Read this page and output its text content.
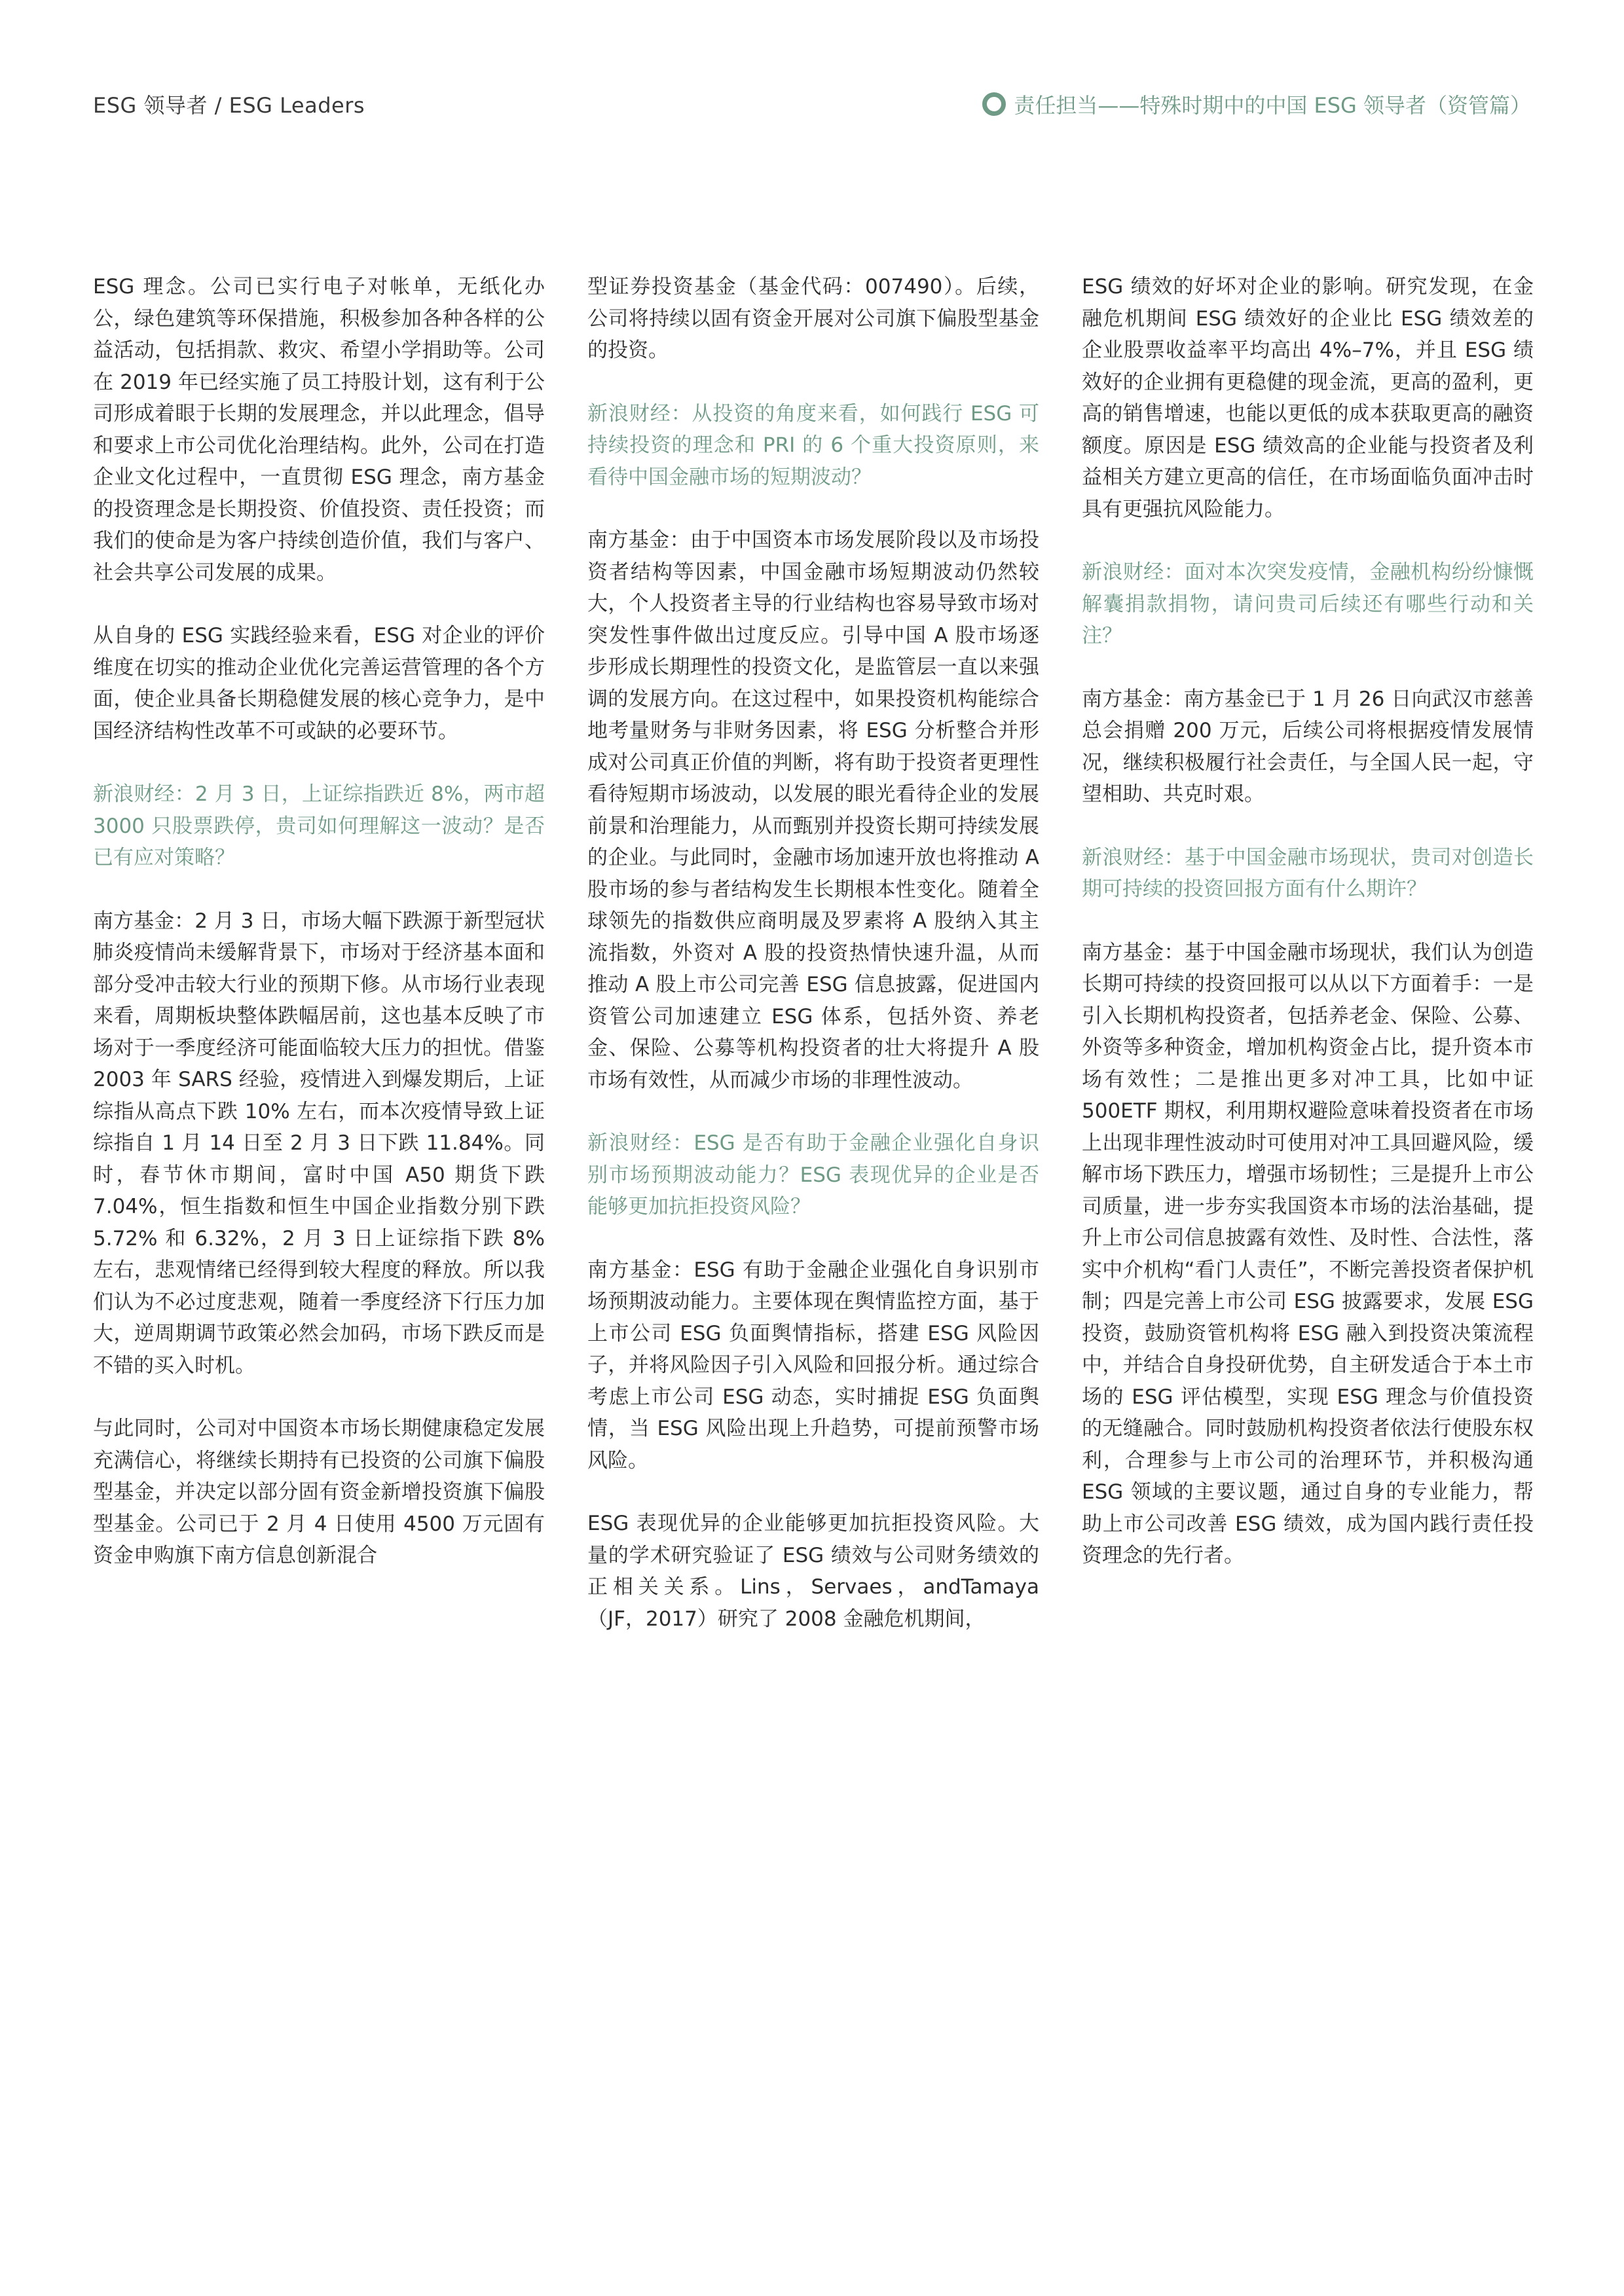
ESG 领导者 / ESG Leaders	责任担当——特殊时期中的中国 ESG 领导者（资管篇）

ESG 理念。公司已实行电子对帐单，无纸化办公，绿色建筑等环保措施，积极参加各种各样的公益活动，包括捐款、救灾、希望小学捐助等。公司在 2019 年已经实施了员工持股计划，这有利于公司形成着眼于长期的发展理念，并以此理念，倡导和要求上市公司优化治理结构。此外，公司在打造企业文化过程中，一直贯彻 ESG 理念，南方基金的投资理念是长期投资、价值投资、责任投资；而我们的使命是为客户持续创造价值，我们与客户、社会共享公司发展的成果。

从自身的 ESG 实践经验来看，ESG 对企业的评价维度在切实的推动企业优化完善运营管理的各个方面，使企业具备长期稳健发展的核心竞争力，是中国经济结构性改革不可或缺的必要环节。

新浪财经：2 月 3 日，上证综指跌近 8%，两市超 3000 只股票跌停，贵司如何理解这一波动？是否已有应对策略？

南方基金：2 月 3 日，市场大幅下跌源于新型冠状肺炎疫情尚未缓解背景下，市场对于经济基本面和部分受冲击较大行业的预期下修。从市场行业表现来看，周期板块整体跌幅居前，这也基本反映了市场对于一季度经济可能面临较大压力的担忧。借鉴 2003 年 SARS 经验，疫情进入到爆发期后，上证综指从高点下跌 10% 左右，而本次疫情导致上证综指自 1 月 14 日至 2 月 3 日下跌 11.84%。同时，春节休市期间，富时中国 A50 期货下跌 7.04%，恒生指数和恒生中国企业指数分别下跌 5.72% 和 6.32%，2 月 3 日上证综指下跌 8% 左右，悲观情绪已经得到较大程度的释放。所以我们认为不必过度悲观，随着一季度经济下行压力加大，逆周期调节政策必然会加码，市场下跌反而是不错的买入时机。

与此同时，公司对中国资本市场长期健康稳定发展充满信心，将继续长期持有已投资的公司旗下偏股型基金，并决定以部分固有资金新增投资旗下偏股型基金。公司已于 2 月 4 日使用 4500 万元固有资金申购旗下南方信息创新混合

型证券投资基金（基金代码：007490）。后续，公司将持续以固有资金开展对公司旗下偏股型基金的投资。

新浪财经：从投资的角度来看，如何践行 ESG 可持续投资的理念和 PRI 的 6 个重大投资原则，来看待中国金融市场的短期波动？

南方基金：由于中国资本市场发展阶段以及市场投资者结构等因素，中国金融市场短期波动仍然较大，个人投资者主导的行业结构也容易导致市场对突发性事件做出过度反应。引导中国 A 股市场逐步形成长期理性的投资文化，是监管层一直以来强调的发展方向。在这过程中，如果投资机构能综合地考量财务与非财务因素，将 ESG 分析整合并形成对公司真正价值的判断，将有助于投资者更理性看待短期市场波动，以发展的眼光看待企业的发展前景和治理能力，从而甄别并投资长期可持续发展的企业。与此同时，金融市场加速开放也将推动 A 股市场的参与者结构发生长期根本性变化。随着全球领先的指数供应商明晟及罗素将 A 股纳入其主流指数，外资对 A 股的投资热情快速升温，从而推动 A 股上市公司完善 ESG 信息披露，促进国内资管公司加速建立 ESG 体系，包括外资、养老金、保险、公募等机构投资者的壮大将提升 A 股市场有效性，从而减少市场的非理性波动。

新浪财经：ESG 是否有助于金融企业强化自身识别市场预期波动能力？ESG 表现优异的企业是否能够更加抗拒投资风险？

南方基金：ESG 有助于金融企业强化自身识别市场预期波动能力。主要体现在舆情监控方面，基于上市公司 ESG 负面舆情指标，搭建 ESG 风险因子，并将风险因子引入风险和回报分析。通过综合考虑上市公司 ESG 动态，实时捕捉 ESG 负面舆情，当 ESG 风险出现上升趋势，可提前预警市场风险。

ESG 表现优异的企业能够更加抗拒投资风险。大量的学术研究验证了 ESG 绩效与公司财务绩效的正相关关系。Lins，Servaes，andTamaya（JF，2017）研究了 2008 金融危机期间，

ESG 绩效的好坏对企业的影响。研究发现，在金融危机期间 ESG 绩效好的企业比 ESG 绩效差的企业股票收益率平均高出 4%–7%，并且 ESG 绩效好的企业拥有更稳健的现金流，更高的盈利，更高的销售增速，也能以更低的成本获取更高的融资额度。原因是 ESG 绩效高的企业能与投资者及利益相关方建立更高的信任，在市场面临负面冲击时具有更强抗风险能力。

新浪财经：面对本次突发疫情，金融机构纷纷慷慨解囊捐款捐物，请问贵司后续还有哪些行动和关注？

南方基金：南方基金已于 1 月 26 日向武汉市慈善总会捐赠 200 万元，后续公司将根据疫情发展情况，继续积极履行社会责任，与全国人民一起，守望相助、共克时艰。

新浪财经：基于中国金融市场现状，贵司对创造长期可持续的投资回报方面有什么期许？

南方基金：基于中国金融市场现状，我们认为创造长期可持续的投资回报可以从以下方面着手：一是引入长期机构投资者，包括养老金、保险、公募、外资等多种资金，增加机构资金占比，提升资本市场有效性；二是推出更多对冲工具，比如中证 500ETF 期权，利用期权避险意味着投资者在市场上出现非理性波动时可使用对冲工具回避风险，缓解市场下跌压力，增强市场韧性；三是提升上市公司质量，进一步夯实我国资本市场的法治基础，提升上市公司信息披露有效性、及时性、合法性，落实中介机构“看门人责任”，不断完善投资者保护机制；四是完善上市公司 ESG 披露要求，发展 ESG 投资，鼓励资管机构将 ESG 融入到投资决策流程中，并结合自身投研优势，自主研发适合于本土市场的 ESG 评估模型，实现 ESG 理念与价值投资的无缝融合。同时鼓励机构投资者依法行使股东权利，合理参与上市公司的治理环节，并积极沟通 ESG 领域的主要议题，通过自身的专业能力，帮助上市公司改善 ESG 绩效，成为国内践行责任投资理念的先行者。
